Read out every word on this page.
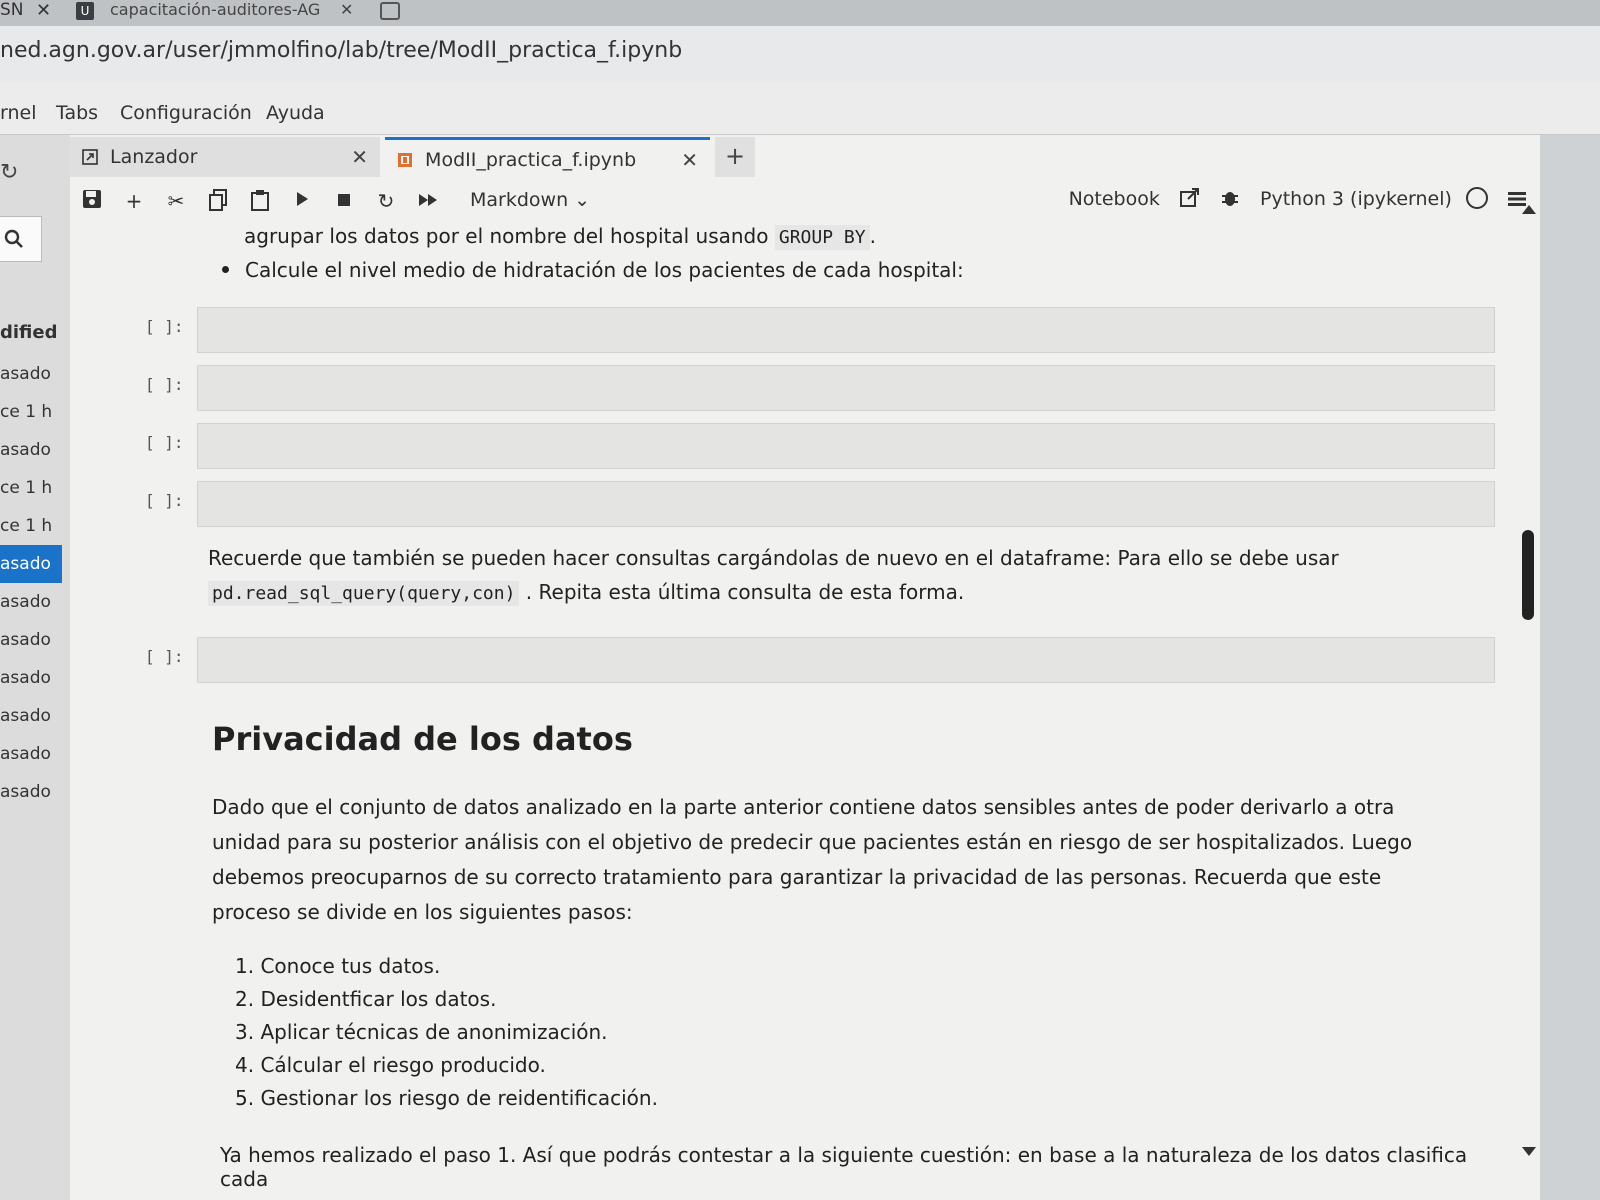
SN ✕	U capacitación-auditores-AG ✕
ned.agn.gov.ar/user/jmmolfino/lab/tree/ModII_practica_f.ipynb
rnel Tabs Configuración Ayuda
↻
dified
asado
ce 1 h
asado
ce 1 h
ce 1 h
asado
asado
asado
asado
asado
asado
asado
Lanzador	✕	ModII_practica_f.ipynb ✕	+
+ ✂	↻	Markdown ⌄	Notebook	Python 3 (ipykernel)
agrupar los datos por el nombre del hospital usando GROUP BY .
Calcule el nivel medio de hidratación de los pacientes de cada hospital:
[ ]:
[ ]:
[ ]:
[ ]:
Recuerde que también se pueden hacer consultas cargándolas de nuevo en el dataframe: Para ello se debe usar
pd.read_sql_query(query,con) . Repita esta última consulta de esta forma.
[ ]:
Privacidad de los datos
Dado que el conjunto de datos analizado en la parte anterior contiene datos sensibles antes de poder derivarlo a otra unidad para su posterior análisis con el objetivo de predecir que pacientes están en riesgo de ser hospitalizados. Luego debemos preocuparnos de su correcto tratamiento para garantizar la privacidad de las personas. Recuerda que este proceso se divide en los siguientes pasos:
1. Conoce tus datos.
2. Desidentficar los datos.
3. Aplicar técnicas de anonimización.
4. Cálcular el riesgo producido.
5. Gestionar los riesgo de reidentificación.
Ya hemos realizado el paso 1. Así que podrás contestar a la siguiente cuestión: en base a la naturaleza de los datos clasifica cada
